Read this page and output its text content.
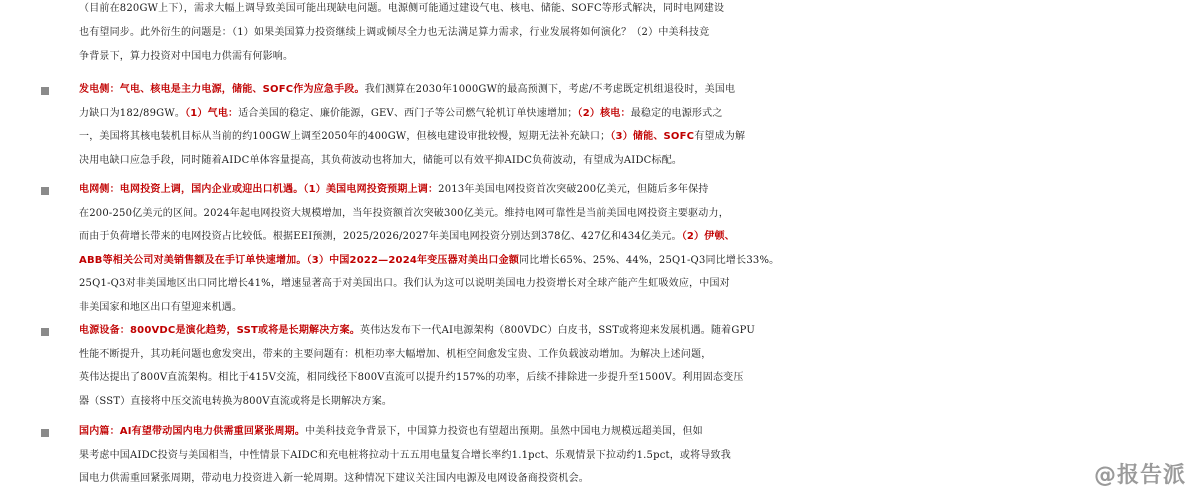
（目前在820GW上下），需求大幅上调导致美国可能出现缺电问题。电源侧可能通过建设气电、核电、储能、SOFC等形式解决，同时电网建设
也有望同步。此外衍生的问题是：（1）如果美国算力投资继续上调或倾尽全力也无法满足算力需求，行业发展将如何演化？（2）中美科技竞
争背景下，算力投资对中国电力供需有何影响。
发电侧：气电、核电是主力电源，储能、SOFC作为应急手段。我们测算在2030年1000GW的最高预测下，考虑/不考虑既定机组退役时，美国电
力缺口为182/89GW。（1）气电：适合美国的稳定、廉价能源，GEV、西门子等公司燃气轮机订单快速增加；（2）核电：最稳定的电源形式之
一，美国将其核电装机目标从当前的约100GW上调至2050年的400GW，但核电建设审批较慢，短期无法补充缺口；（3）储能、SOFC有望成为解
决用电缺口应急手段，同时随着AIDC单体容量提高，其负荷波动也将加大，储能可以有效平抑AIDC负荷波动，有望成为AIDC标配。
电网侧：电网投资上调，国内企业或迎出口机遇。（1）美国电网投资预期上调：2013年美国电网投资首次突破200亿美元，但随后多年保持
在200-250亿美元的区间。2024年起电网投资大规模增加，当年投资额首次突破300亿美元。维持电网可靠性是当前美国电网投资主要驱动力，
而由于负荷增长带来的电网投资占比较低。根据EEI预测，2025/2026/2027年美国电网投资分别达到378亿、427亿和434亿美元。（2）伊顿、
ABB等相关公司对美销售额及在手订单快速增加。（3）中国2022—2024年变压器对美出口金额同比增长65%、25%、44%，25Q1-Q3同比增长33%。
25Q1-Q3对非美国地区出口同比增长41%，增速显著高于对美国出口。我们认为这可以说明美国电力投资增长对全球产能产生虹吸效应，中国对
非美国家和地区出口有望迎来机遇。
电源设备：800VDC是演化趋势，SST或将是长期解决方案。英伟达发布下一代AI电源架构（800VDC）白皮书，SST或将迎来发展机遇。随着GPU
性能不断提升，其功耗问题也愈发突出，带来的主要问题有：机柜功率大幅增加、机柜空间愈发宝贵、工作负载波动增加。为解决上述问题，
英伟达提出了800V直流架构。相比于415V交流，相同线径下800V直流可以提升约157%的功率，后续不排除进一步提升至1500V。利用固态变压
器（SST）直接将中压交流电转换为800V直流或将是长期解决方案。
国内篇：AI有望带动国内电力供需重回紧张周期。中美科技竞争背景下，中国算力投资也有望超出预期。虽然中国电力规模远超美国，但如
果考虑中国AIDC投资与美国相当，中性情景下AIDC和充电桩将拉动十五五用电量复合增长率约1.1pct、乐观情景下拉动约1.5pct，或将导致我
国电力供需重回紧张周期，带动电力投资进入新一轮周期。这种情况下建议关注国内电源及电网设备商投资机会。	@报告派
